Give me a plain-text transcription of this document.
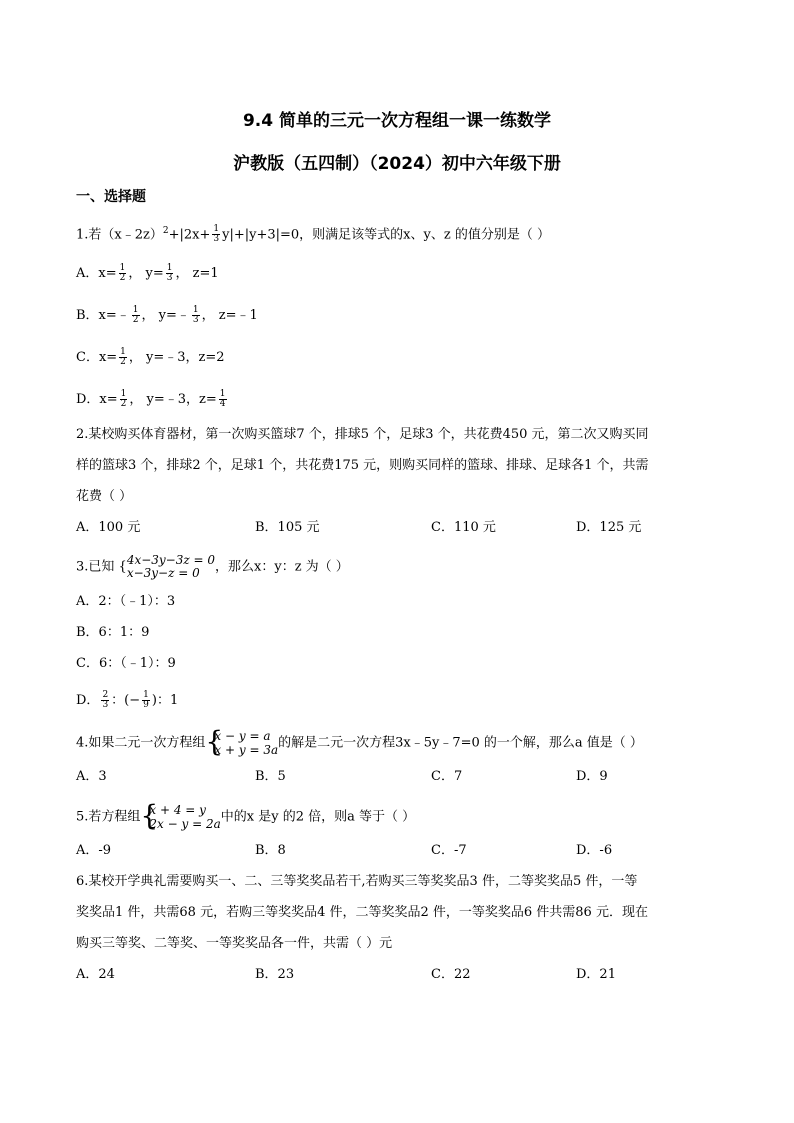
9.4 简单的三元一次方程组一课一练数学
沪教版（五四制）（2024）初中六年级下册
一、选择题
1.若（x﹣2z）$^2$+|2x+ $\frac{1}{3} y|+|y+3|=0$，则满足该等式的x、y、z 的值分别是（ ）
A．$x= \frac{1}{2}$ ， $y= \frac{1}{3}$ ， z=1
B．x=﹣ $\frac{1}{2}$ ， y=﹣ $\frac{1}{3}$ ， z=﹣1
C．$x= \frac{1}{2}$ ， y=﹣3，z=2
D．$x= \frac{1}{2}$ ， y=﹣3，$z= \frac{1}{4}$
2.某校购买体育器材，第一次购买篮球7 个，排球5 个，足球3 个，共花费450 元，第二次又购买同
样的篮球3 个，排球2 个，足球1 个，共花费175 元，则购买同样的篮球、排球、足球各1 个，共需
花费（ ）
A．100 元	B．105 元	C．110 元	D．125 元
3.已知 { 4x−3y−3z = 0
x−3y−z = 0	，那么x：y：z 为（ ）
A．2：（﹣1）：3
B．6：1：9
C．6：（﹣1）：9
D． $\frac{2}{3}$ ：(− $\frac{1}{9}$ )：1
4.如果二元一次方程组 {
x − y = a
x + y = 3a 的解是二元一次方程3x﹣5y﹣7=0 的一个解，那么a 值是（ ）
A．3	B．5	C．7	D．9
5.若方程组 {
x + 4 = y
2x − y = 2a 中的x 是y 的2 倍，则a 等于（ ）
A．-9	B．8	C．-7	D．-6
6.某校开学典礼需要购买一、二、三等奖奖品若干,若购买三等奖奖品3 件，二等奖奖品5 件，一等
奖奖品1 件，共需68 元，若购三等奖奖品4 件，二等奖奖品2 件，一等奖奖品6 件共需86 元．现在
购买三等奖、二等奖、一等奖奖品各一件，共需（ ）元
A．24	B．23	C．22	D．21
